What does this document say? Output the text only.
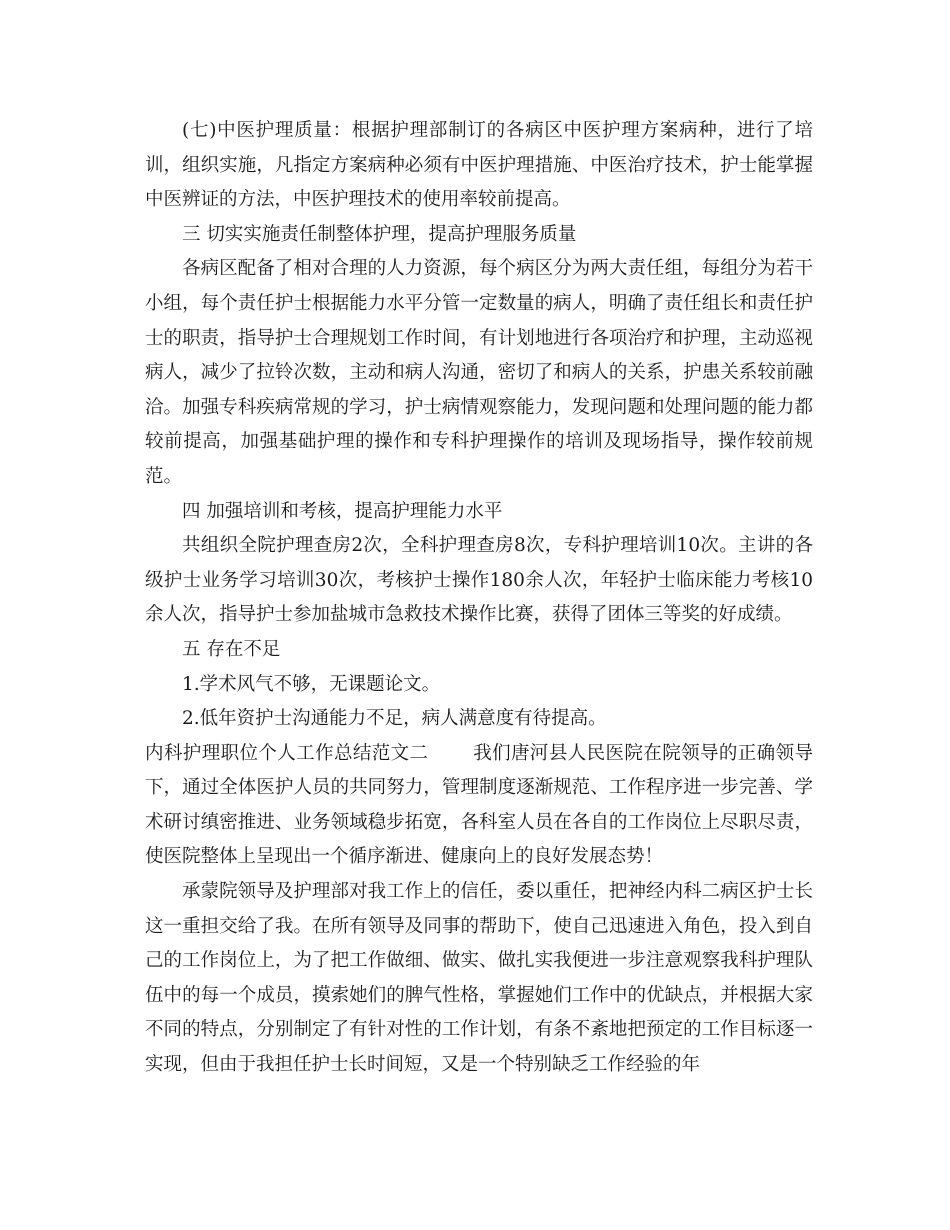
(七)中医护理质量：根据护理部制订的各病区中医护理方案病种，进行了培训，组织实施，凡指定方案病种必须有中医护理措施、中医治疗技术，护士能掌握中医辨证的方法，中医护理技术的使用率较前提高。

三 切实实施责任制整体护理，提高护理服务质量

各病区配备了相对合理的人力资源，每个病区分为两大责任组，每组分为若干小组，每个责任护士根据能力水平分管一定数量的病人，明确了责任组长和责任护士的职责，指导护士合理规划工作时间，有计划地进行各项治疗和护理，主动巡视病人，减少了拉铃次数，主动和病人沟通，密切了和病人的关系，护患关系较前融洽。加强专科疾病常规的学习，护士病情观察能力，发现问题和处理问题的能力都较前提高，加强基础护理的操作和专科护理操作的培训及现场指导，操作较前规范。

四 加强培训和考核，提高护理能力水平

共组织全院护理查房2次，全科护理查房8次，专科护理培训10次。主讲的各级护士业务学习培训30次，考核护士操作180余人次，年轻护士临床能力考核10余人次，指导护士参加盐城市急救技术操作比赛，获得了团体三等奖的好成绩。

五 存在不足

1.学术风气不够，无课题论文。

2.低年资护士沟通能力不足，病人满意度有待提高。

内科护理职位个人工作总结范文二 我们唐河县人民医院在院领导的正确领导下，通过全体医护人员的共同努力，管理制度逐渐规范、工作程序进一步完善、学术研讨缜密推进、业务领域稳步拓宽，各科室人员在各自的工作岗位上尽职尽责，使医院整体上呈现出一个循序渐进、健康向上的良好发展态势！

承蒙院领导及护理部对我工作上的信任，委以重任，把神经内科二病区护士长这一重担交给了我。在所有领导及同事的帮助下，使自己迅速进入角色，投入到自己的工作岗位上，为了把工作做细、做实、做扎实我便进一步注意观察我科护理队伍中的每一个成员，摸索她们的脾气性格，掌握她们工作中的优缺点，并根据大家不同的特点，分别制定了有针对性的工作计划，有条不紊地把预定的工作目标逐一实现，但由于我担任护士长时间短，又是一个特别缺乏工作经验的年
